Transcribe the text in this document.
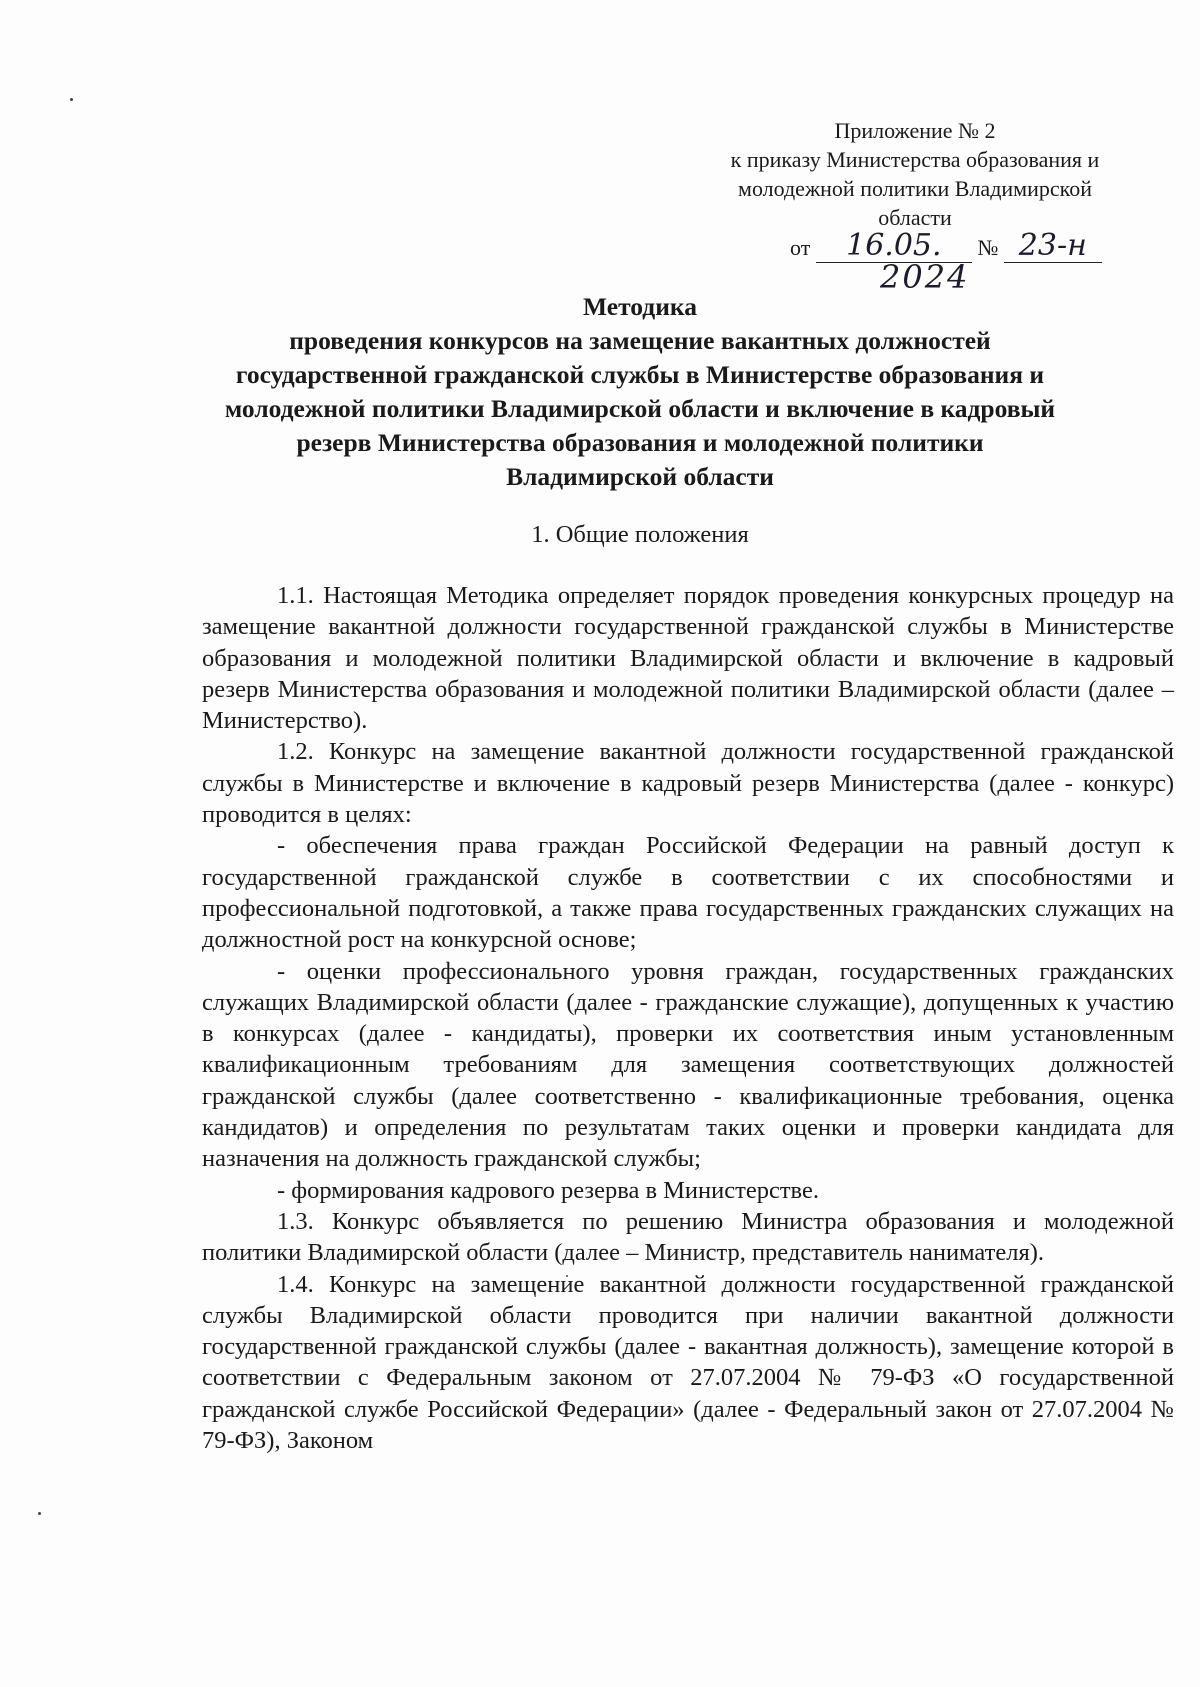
Приложение № 2
к приказу Министерства образования и
молодежной политики Владимирской
области
от 16.05. № 23-н
2024
Методика
проведения конкурсов на замещение вакантных должностей
государственной гражданской службы в Министерстве образования и
молодежной политики Владимирской области и включение в кадровый
резерв Министерства образования и молодежной политики
Владимирской области
1. Общие положения

1.1. Настоящая Методика определяет порядок проведения конкурсных процедур на замещение вакантной должности государственной гражданской службы в Министерстве образования и молодежной политики Владимирской области и включение в кадровый резерв Министерства образования и молодежной политики Владимирской области (далее – Министерство).

1.2. Конкурс на замещение вакантной должности государственной гражданской службы в Министерстве и включение в кадровый резерв Министерства (далее - конкурс) проводится в целях:

- обеспечения права граждан Российской Федерации на равный доступ к государственной гражданской службе в соответствии с их способностями и профессиональной подготовкой, а также права государственных гражданских служащих на должностной рост на конкурсной основе;

- оценки профессионального уровня граждан, государственных гражданских служащих Владимирской области (далее - гражданские служащие), допущенных к участию в конкурсах (далее - кандидаты), проверки их соответствия иным установленным квалификационным требованиям для замещения соответствующих должностей гражданской службы (далее соответственно - квалификационные требования, оценка кандидатов) и определения по результатам таких оценки и проверки кандидата для назначения на должность гражданской службы;

- формирования кадрового резерва в Министерстве.

1.3. Конкурс объявляется по решению Министра образования и молодежной политики Владимирской области (далее – Министр, представитель нанимателя).

1.4. Конкурс на замещение вакантной должности государственной гражданской службы Владимирской области проводится при наличии вакантной должности государственной гражданской службы (далее - вакантная должность), замещение которой в соответствии с Федеральным законом от 27.07.2004 № 79-ФЗ «О государственной гражданской службе Российской Федерации» (далее - Федеральный закон от 27.07.2004 № 79-ФЗ), Законом
